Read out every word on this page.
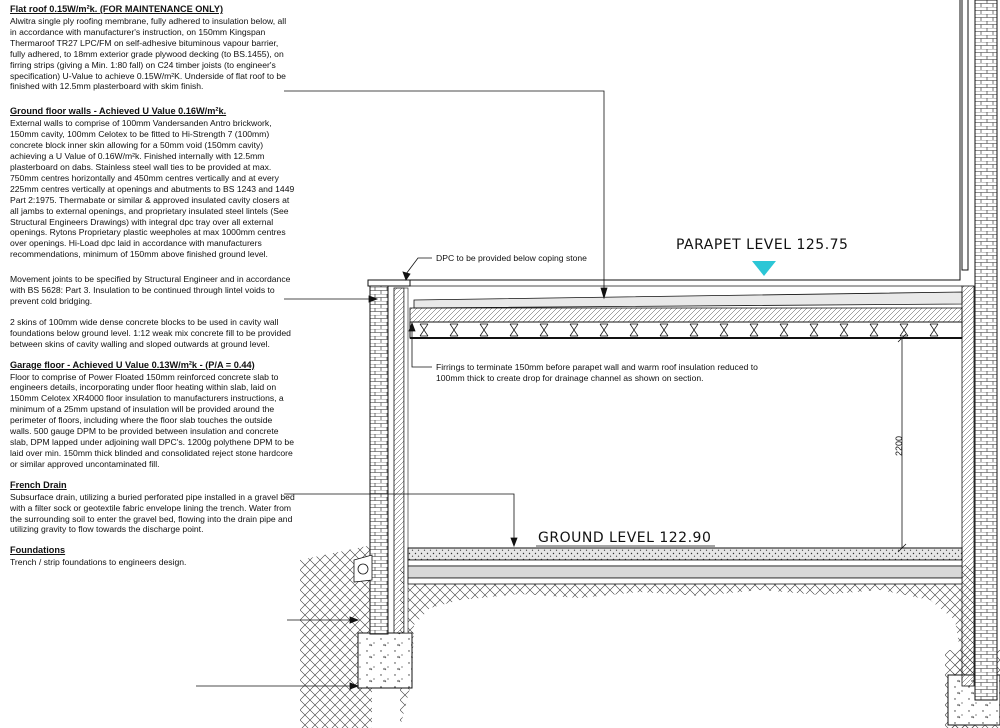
Flat roof 0.15W/m²k. (FOR MAINTENANCE ONLY)

Alwitra single ply roofing membrane, fully adhered to insulation below, all in accordance with manufacturer's instruction, on 150mm Kingspan Thermaroof TR27 LPC/FM on self-adhesive bituminous vapour barrier, fully adhered, to 18mm exterior grade plywood decking (to BS.1455), on firring strips (giving a Min. 1:80 fall) on C24 timber joists (to engineer's specification) U-Value to achieve 0.15W/m²K. Underside of flat roof to be finished with 12.5mm plasterboard with skim finish.

Ground floor walls - Achieved U Value 0.16W/m²k.

External walls to comprise of 100mm Vandersanden Antro brickwork, 150mm cavity, 100mm Celotex to be fitted to Hi-Strength 7 (100mm) concrete block inner skin allowing for a 50mm void (150mm cavity) achieving a U Value of 0.16W/m²k. Finished internally with 12.5mm plasterboard on dabs. Stainless steel wall ties to be provided at max. 750mm centres horizontally and 450mm centres vertically and at every 225mm centres vertically at openings and abutments to BS 1243 and 1449 Part 2:1975. Thermabate or similar & approved insulated cavity closers at all jambs to external openings, and proprietary insulated steel lintels (See Structural Engineers Drawings) with integral dpc tray over all external openings. Rytons Proprietary plastic weepholes at max 1000mm centres over openings. Hi-Load dpc laid in accordance with manufacturers recommendations, minimum of 150mm above finished ground level.

Movement joints to be specified by Structural Engineer and in accordance with BS 5628: Part 3. Insulation to be continued through lintel voids to prevent cold bridging.

2 skins of 100mm wide dense concrete blocks to be used in cavity wall foundations below ground level. 1:12 weak mix concrete fill to be provided between skins of cavity walling and sloped outwards at ground level.

Garage floor - Achieved U Value 0.13W/m²k - (P/A = 0.44)

Floor to comprise of Power Floated 150mm reinforced concrete slab to engineers details, incorporating under floor heating within slab, laid on 150mm Celotex XR4000 floor insulation to manufacturers instructions, a minimum of a 25mm upstand of insulation will be provided around the perimeter of floors, including where the floor slab touches the outside walls. 500 gauge DPM to be provided between insulation and concrete slab, DPM lapped under adjoining wall DPC's. 1200g polythene DPM to be laid over min. 150mm thick blinded and consolidated reject stone hardcore or similar approved uncontaminated fill.

French Drain

Subsurface drain, utilizing a buried perforated pipe installed in a gravel bed with a filter sock or geotextile fabric envelope lining the trench. Water from the surrounding soil to enter the gravel bed, flowing into the drain pipe and utilizing gravity to flow towards the discharge point.

Foundations

Trench / strip foundations to engineers design.

DPC to be provided below coping stone
Firrings to terminate 150mm before parapet wall and warm roof insulation reduced to 100mm thick to create drop for drainage channel as shown on section.
PARAPET LEVEL 125.75
GROUND LEVEL 122.90
2200
